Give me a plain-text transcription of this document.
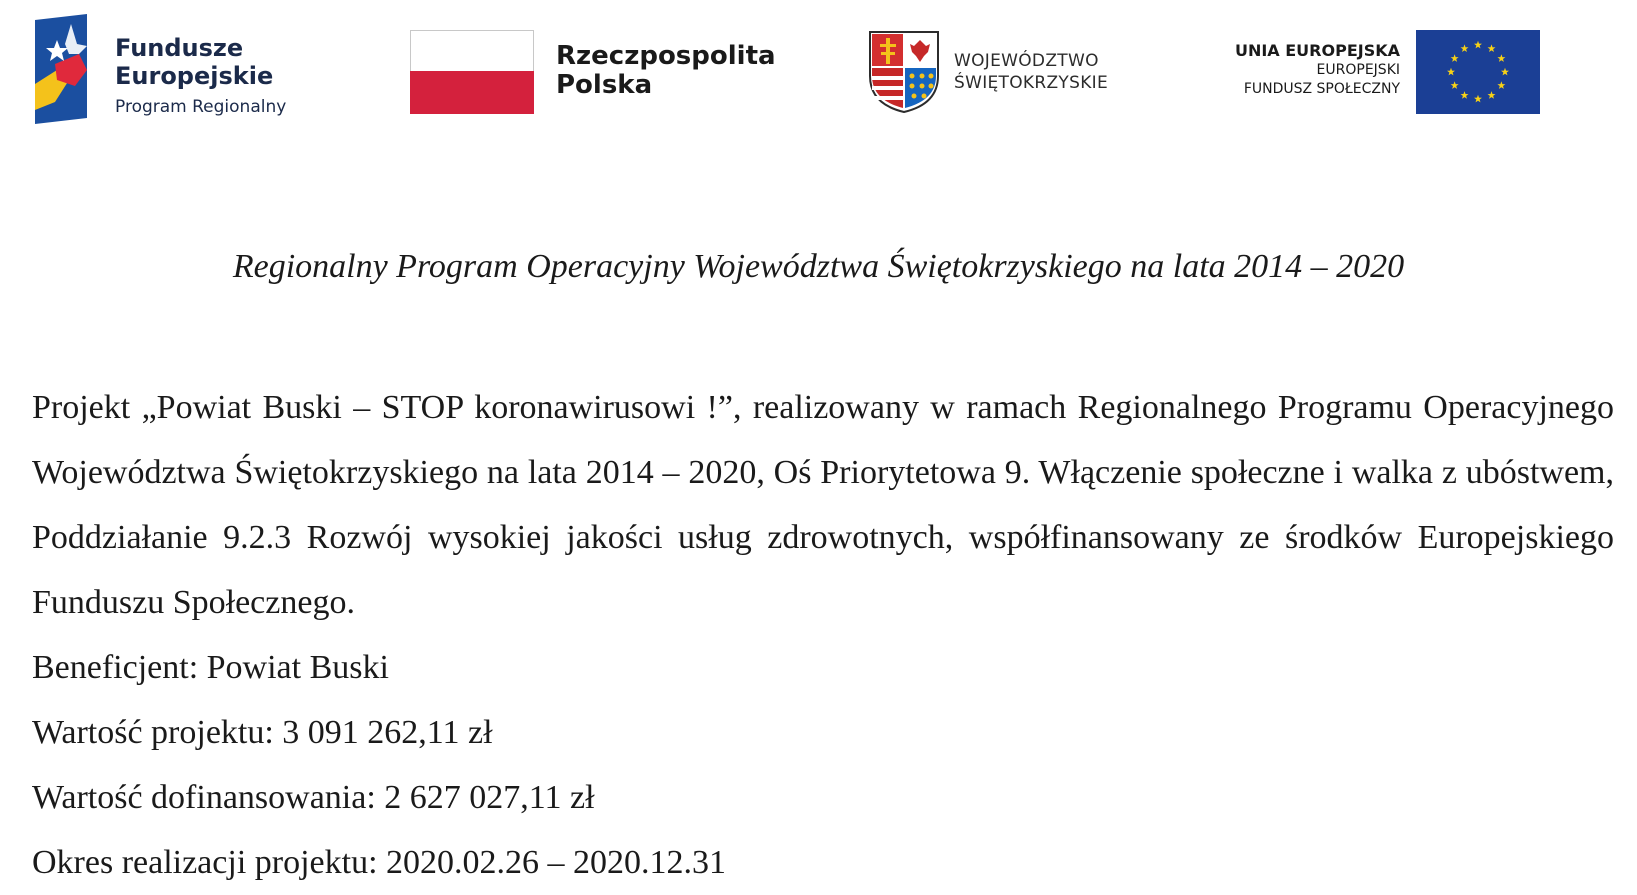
Fundusze
Europejskie
Program Regionalny
Rzeczpospolita
Polska
WOJEWÓDZTWO
ŚWIĘTOKRZYSKIE
UNIA EUROPEJSKA
EUROPEJSKI
FUNDUSZ SPOŁECZNY
Regionalny Program Operacyjny Województwa Świętokrzyskiego na lata 2014 – 2020

Projekt „Powiat Buski – STOP koronawirusowi !”, realizowany w ramach Regionalnego Programu Operacyjnego Województwa Świętokrzyskiego na lata 2014 – 2020, Oś Priorytetowa 9. Włączenie społeczne i walka z ubóstwem, Poddziałanie 9.2.3 Rozwój wysokiej jakości usług zdrowotnych, współfinansowany ze środków Europejskiego Funduszu Społecznego.

Beneficjent: Powiat Buski

Wartość projektu: 3 091 262,11 zł

Wartość dofinansowania: 2 627 027,11 zł

Okres realizacji projektu: 2020.02.26 – 2020.12.31
